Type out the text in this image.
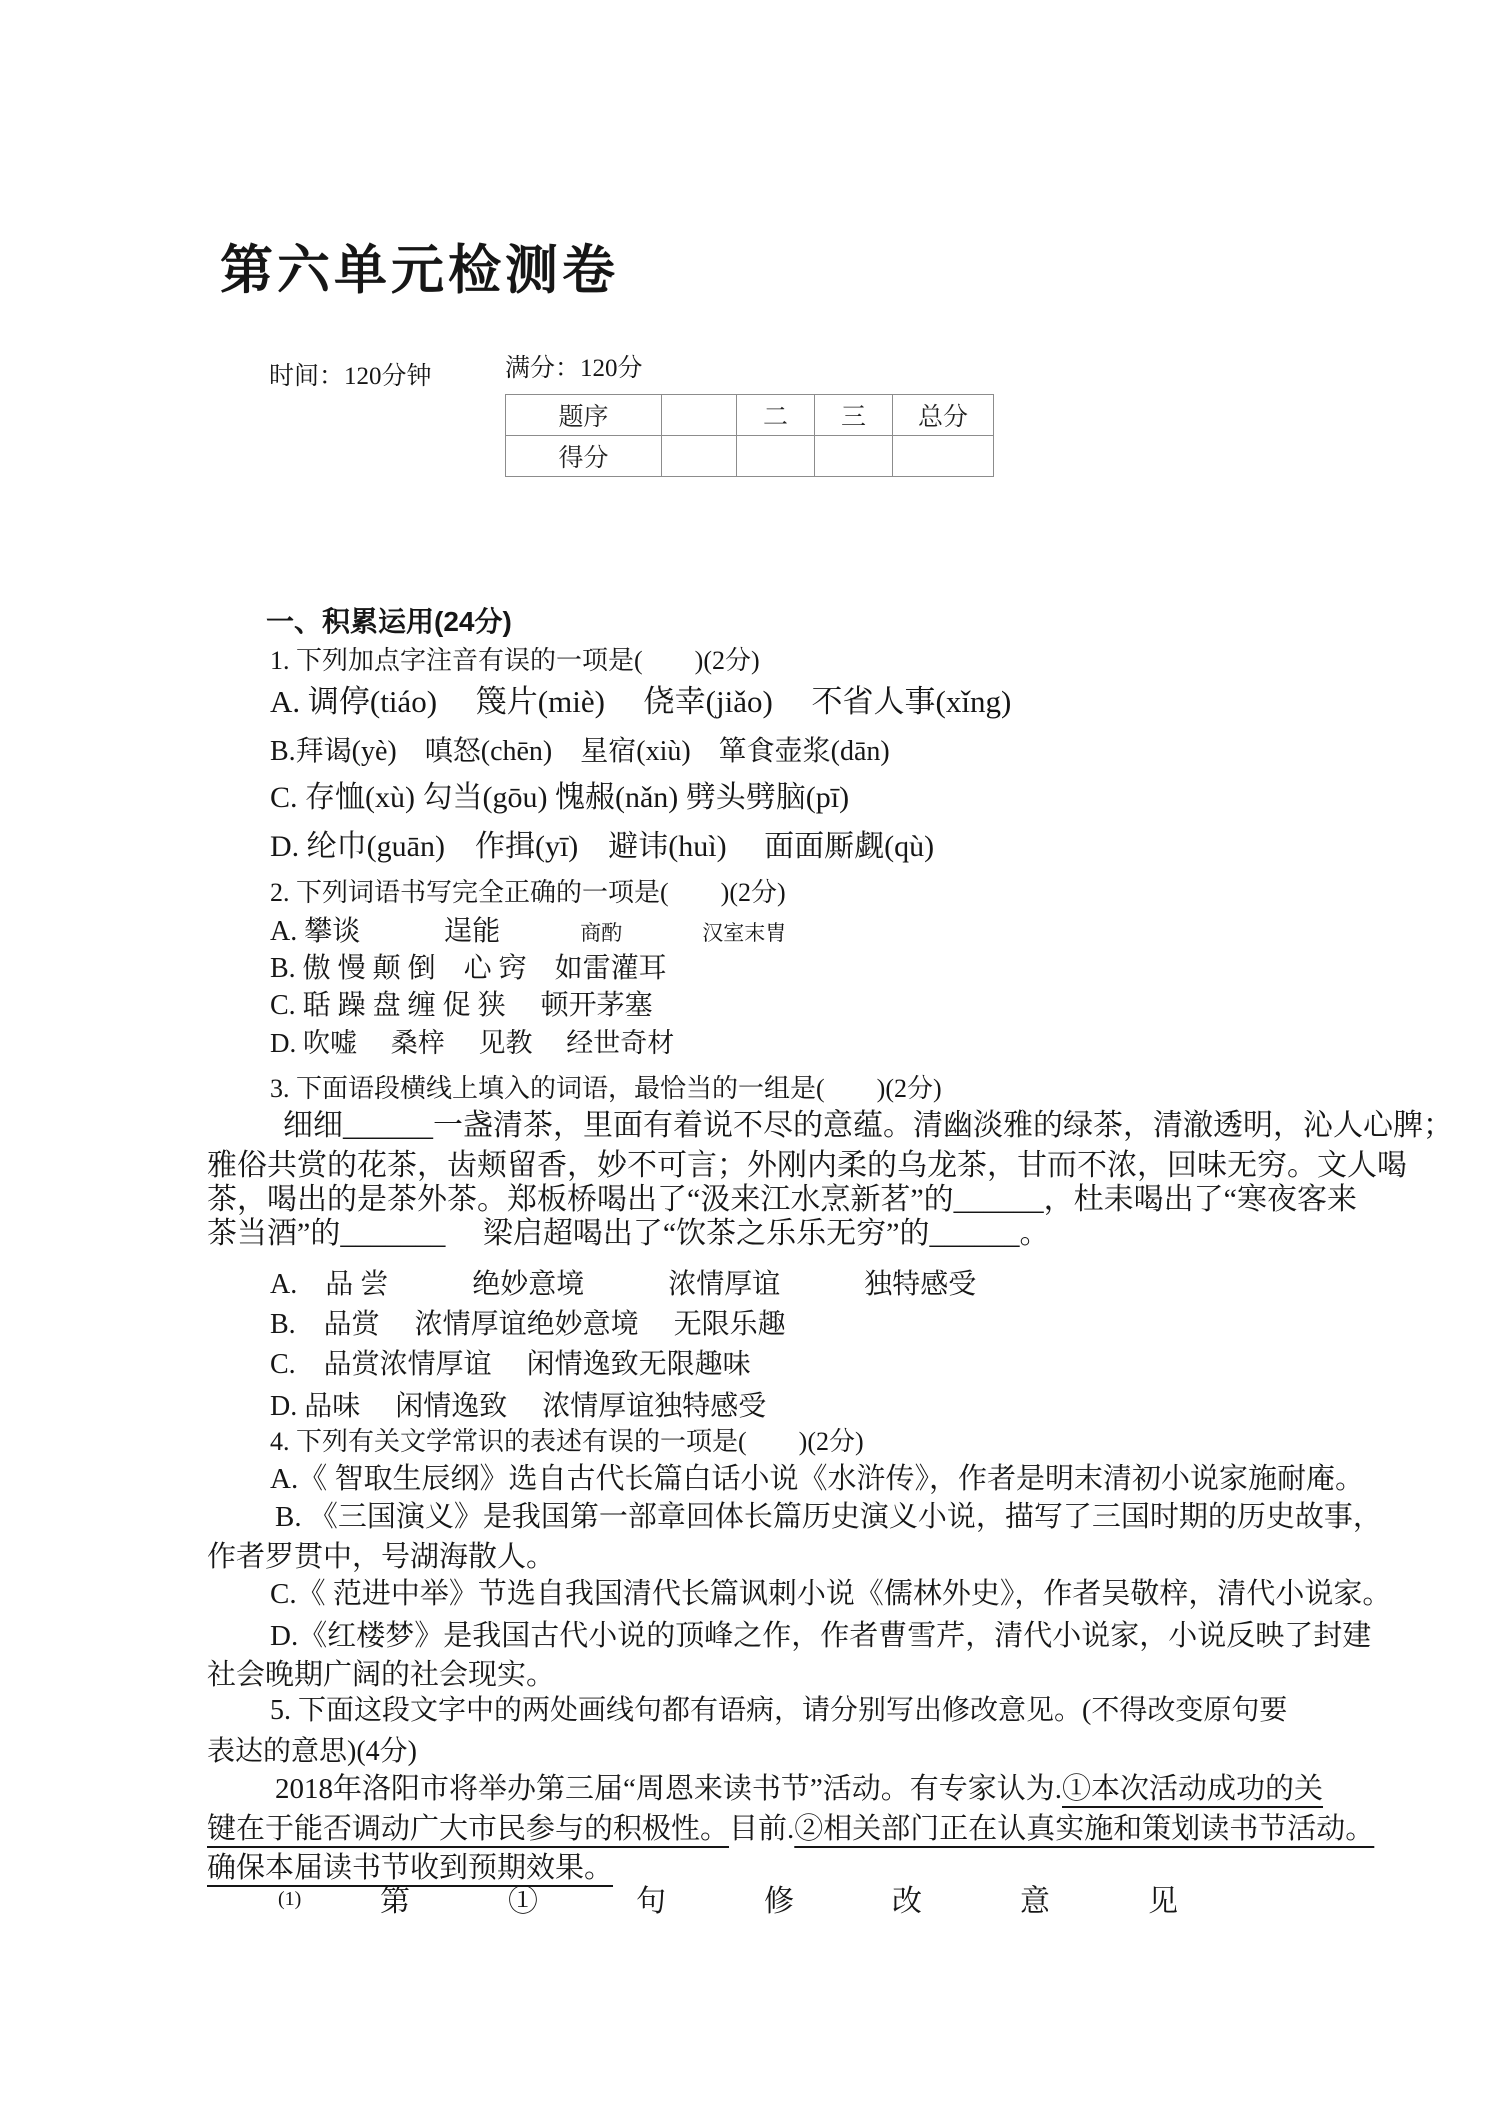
第六单元检测卷
时间：120分钟	满分：120分
题序		二	三	总分
得分				
一、积累运用(24分)
1. 下列加点字注音有误的一项是(　　)(2分)
A. 调停(tiáo)　 篾片(miè)　 侥幸(jiǎo)　 不省人事(xǐng)
B.拜谒(yè)　嗔怒(chēn)　星宿(xiù)　箪食壶浆(dān)
C. 存恤(xù) 勾当(gōu) 愧赧(nǎn) 劈头劈脑(pī)
D. 纶巾(guān)　作揖(yī)　避讳(huì)　 面面厮觑(qù)
2. 下列词语书写完全正确的一项是(　　)(2分)
A. 攀谈　　　逞能	商酌	汉室末胄
B. 傲 慢 颠 倒　心 窍　如雷灌耳
C. 聒 躁 盘 缠 促 狭　 顿开茅塞
D. 吹嘘　 桑梓　 见教　 经世奇材
3. 下面语段横线上填入的词语，最恰当的一组是(　　)(2分)
细细______一盏清茶，里面有着说不尽的意蕴。清幽淡雅的绿茶，清澈透明，沁人心脾；
雅俗共赏的花茶，齿颊留香，妙不可言；外刚内柔的乌龙茶，甘而不浓，回味无穷。文人喝
茶，喝出的是茶外茶。郑板桥喝出了“汲来江水烹新茗”的______，杜耒喝出了“寒夜客来
茶当酒”的_______　 梁启超喝出了“饮茶之乐乐无穷”的______。
A.　品 尝　　　绝妙意境　　　浓情厚谊　　　独特感受
B.　品赏　 浓情厚谊绝妙意境　 无限乐趣
C.　品赏浓情厚谊　 闲情逸致无限趣味
D. 品味　 闲情逸致　 浓情厚谊独特感受
4. 下列有关文学常识的表述有误的一项是(　　)(2分)
A.《 智取生辰纲》选自古代长篇白话小说《水浒传》，作者是明末清初小说家施耐庵。
B. 《三国演义》是我国第一部章回体长篇历史演义小说，描写了三国时期的历史故事，
作者罗贯中，号湖海散人。
C.《 范进中举》节选自我国清代长篇讽刺小说《儒林外史》，作者吴敬梓，清代小说家。
D.《红楼梦》是我国古代小说的顶峰之作，作者曹雪芹，清代小说家，小说反映了封建
社会晚期广阔的社会现实。
5. 下面这段文字中的两处画线句都有语病，请分别写出修改意见。(不得改变原句要
表达的意思)(4分)
2018年洛阳市将举办第三届“周恩来读书节”活动。有专家认为.①本次活动成功的关
键在于能否调动广大市民参与的积极性。目前.②相关部门正在认真实施和策划读书节活动。
确保本届读书节收到预期效果。
(1)	第①句修改意见
